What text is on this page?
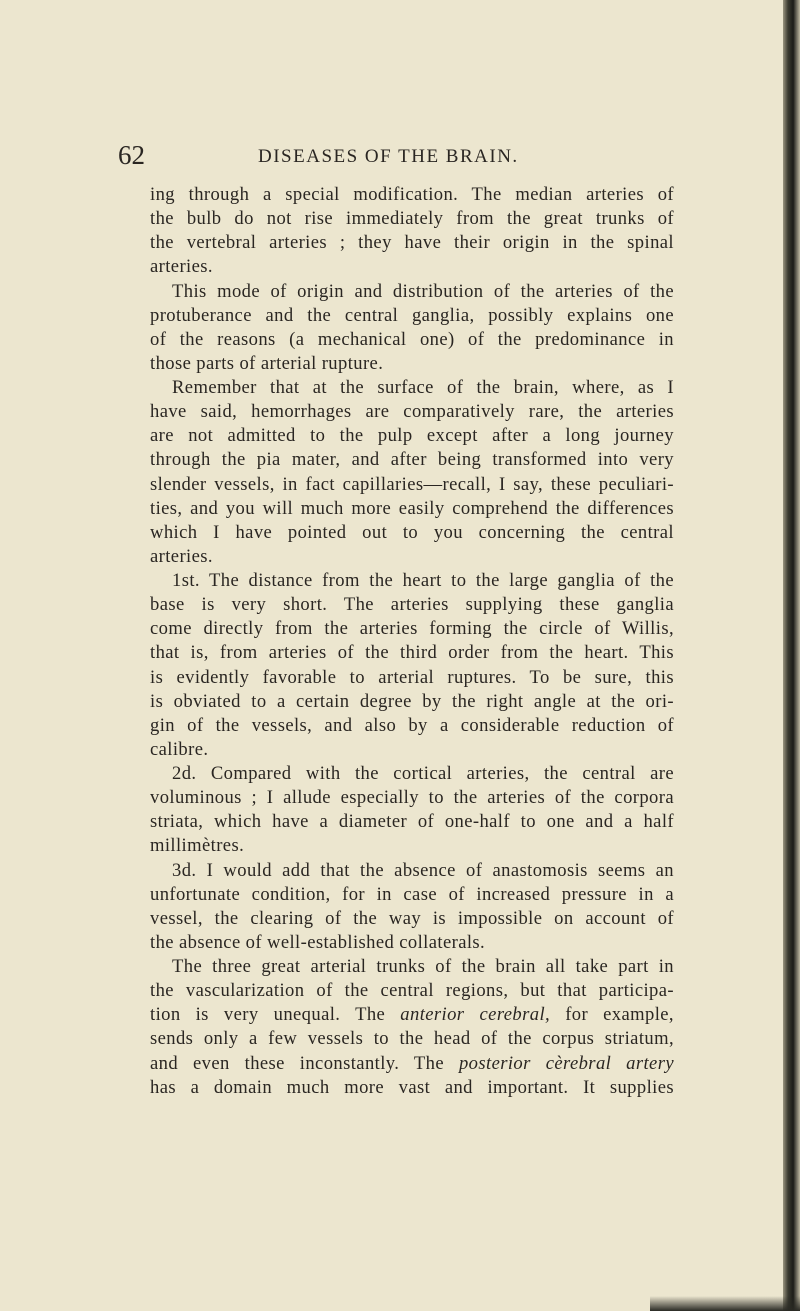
62	DISEASES OF THE BRAIN.
ing through a special modification. The median arteries of
the bulb do not rise immediately from the great trunks of
the vertebral arteries ; they have their origin in the spinal
arteries.
This mode of origin and distribution of the arteries of the
protuberance and the central ganglia, possibly explains one
of the reasons (a mechanical one) of the predominance in
those parts of arterial rupture.
Remember that at the surface of the brain, where, as I
have said, hemorrhages are comparatively rare, the arteries
are not admitted to the pulp except after a long journey
through the pia mater, and after being transformed into very
slender vessels, in fact capillaries—recall, I say, these peculiari-
ties, and you will much more easily comprehend the differences
which I have pointed out to you concerning the central
arteries.
1st. The distance from the heart to the large ganglia of the
base is very short. The arteries supplying these ganglia
come directly from the arteries forming the circle of Willis,
that is, from arteries of the third order from the heart. This
is evidently favorable to arterial ruptures. To be sure, this
is obviated to a certain degree by the right angle at the ori-
gin of the vessels, and also by a considerable reduction of
calibre.
2d. Compared with the cortical arteries, the central are
voluminous ; I allude especially to the arteries of the corpora
striata, which have a diameter of one-half to one and a half
millimètres.
3d. I would add that the absence of anastomosis seems an
unfortunate condition, for in case of increased pressure in a
vessel, the clearing of the way is impossible on account of
the absence of well-established collaterals.
The three great arterial trunks of the brain all take part in
the vascularization of the central regions, but that participa-
tion is very unequal. The anterior cerebral, for example,
sends only a few vessels to the head of the corpus striatum,
and even these inconstantly. The posterior cèrebral artery
has a domain much more vast and important. It supplies
